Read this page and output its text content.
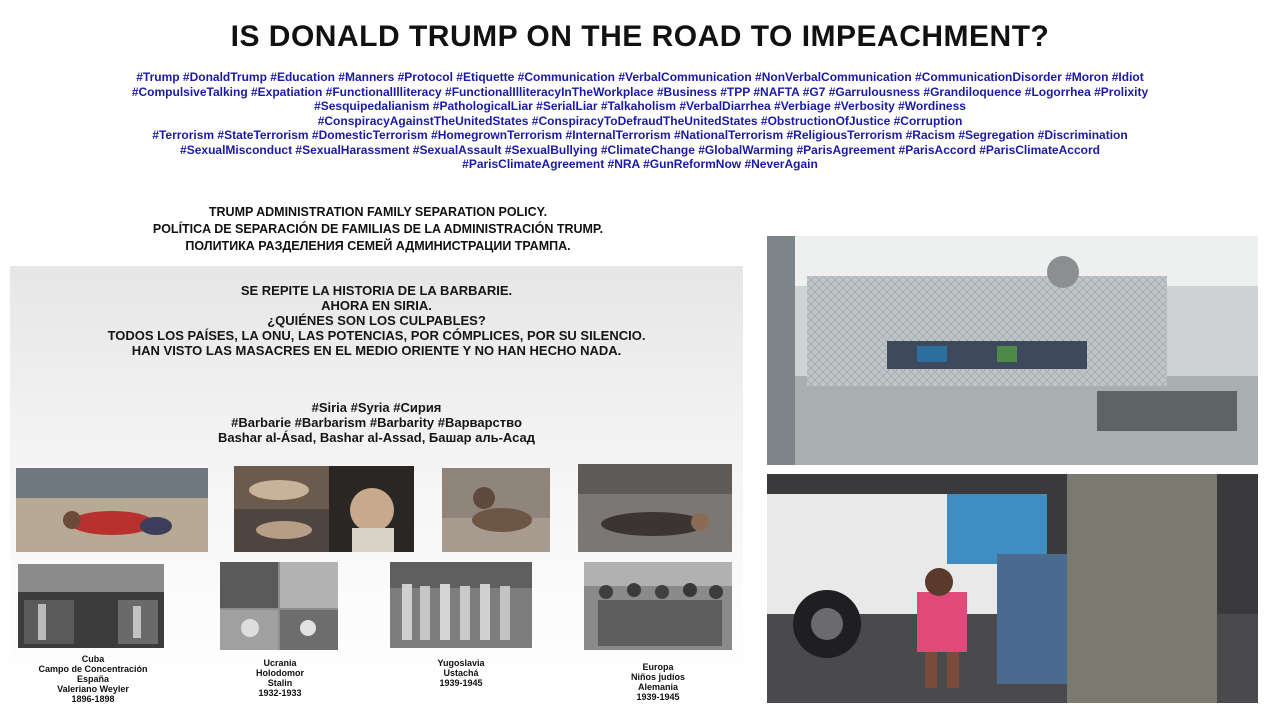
IS DONALD TRUMP ON THE ROAD TO IMPEACHMENT?
#Trump #DonaldTrump #Education #Manners #Protocol #Etiquette #Communication #VerbalCommunication #NonVerbalCommunication #CommunicationDisorder #Moron #Idiot
#CompulsiveTalking #Expatiation #FunctionalIlliteracy #FunctionalIlliteracyInTheWorkplace #Business #TPP #NAFTA #G7 #Garrulousness #Grandiloquence #Logorrhea #Prolixity
#Sesquipedalianism #PathologicalLiar #SerialLiar #Talkaholism #VerbalDiarrhea #Verbiage #Verbosity #Wordiness
#ConspiracyAgainstTheUnitedStates #ConspiracyToDefraudTheUnitedStates #ObstructionOfJustice #Corruption
#Terrorism #StateTerrorism #DomesticTerrorism #HomegrownTerrorism #InternalTerrorism #NationalTerrorism #ReligiousTerrorism #Racism #Segregation #Discrimination
#SexualMisconduct #SexualHarassment #SexualAssault #SexualBullying #ClimateChange #GlobalWarming #ParisAgreement #ParisAccord #ParisClimateAccord
#ParisClimateAgreement #NRA #GunReformNow #NeverAgain
TRUMP ADMINISTRATION FAMILY SEPARATION POLICY.
POLÍTICA DE SEPARACIÓN DE FAMILIAS DE LA ADMINISTRACIÓN TRUMP.
ПОЛИТИКА РАЗДЕЛЕНИЯ СЕМЕЙ АДМИНИСТРАЦИИ ТРАМПА.
SE REPITE LA HISTORIA DE LA BARBARIE.
AHORA EN SIRIA.
¿QUIÉNES SON LOS CULPABLES?
TODOS LOS PAÍSES, LA ONU, LAS POTENCIAS, POR CÓMPLICES, POR SU SILENCIO.
HAN VISTO LAS MASACRES EN EL MEDIO ORIENTE Y NO HAN HECHO NADA.
#Siria #Syria #Сирия
#Barbarie #Barbarism #Barbarity #Варварство
Bashar al-Ásad, Bashar al-Assad, Башар аль-Асад
Cuba
Campo de Concentración
España
Valeriano Weyler
1896-1898
Ucrania
Holodomor
Stalin
1932-1933
Yugoslavia
Ustachá
1939-1945
Europa
Niños judíos
Alemania
1939-1945
